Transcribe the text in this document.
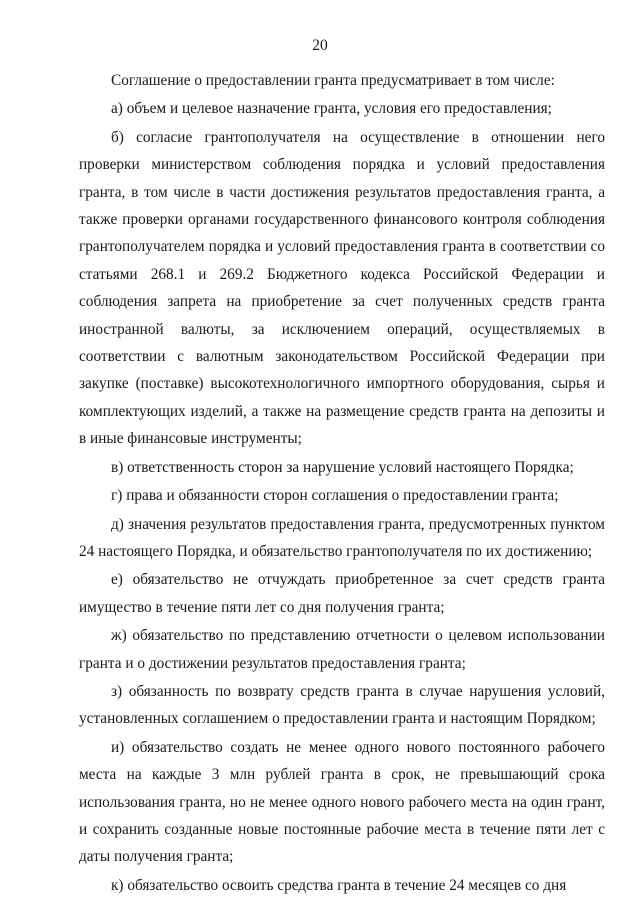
20

Соглашение о предоставлении гранта предусматривает в том числе:

а) объем и целевое назначение гранта, условия его предоставления;

б) согласие грантополучателя на осуществление в отношении него проверки министерством соблюдения порядка и условий предоставления гранта, в том числе в части достижения результатов предоставления гранта, а также проверки органами государственного финансового контроля соблюдения грантополучателем порядка и условий предоставления гранта в соответствии со статьями 268.1 и 269.2 Бюджетного кодекса Российской Федерации и соблюдения запрета на приобретение за счет полученных средств гранта иностранной валюты, за исключением операций, осуществляемых в соответствии с валютным законодательством Российской Федерации при закупке (поставке) высокотехнологичного импортного оборудования, сырья и комплектующих изделий, а также на размещение средств гранта на депозиты и в иные финансовые инструменты;

в) ответственность сторон за нарушение условий настоящего Порядка;

г) права и обязанности сторон соглашения о предоставлении гранта;

д) значения результатов предоставления гранта, предусмотренных пунктом 24 настоящего Порядка, и обязательство грантополучателя по их достижению;

е) обязательство не отчуждать приобретенное за счет средств гранта имущество в течение пяти лет со дня получения гранта;

ж) обязательство по представлению отчетности о целевом использовании гранта и о достижении результатов предоставления гранта;

з) обязанность по возврату средств гранта в случае нарушения условий, установленных соглашением о предоставлении гранта и настоящим Порядком;

и) обязательство создать не менее одного нового постоянного рабочего места на каждые 3 млн рублей гранта в срок, не превышающий срока использования гранта, но не менее одного нового рабочего места на один грант, и сохранить созданные новые постоянные рабочие места в течение пяти лет с даты получения гранта;

к) обязательство освоить средства гранта в течение 24 месяцев со дня
